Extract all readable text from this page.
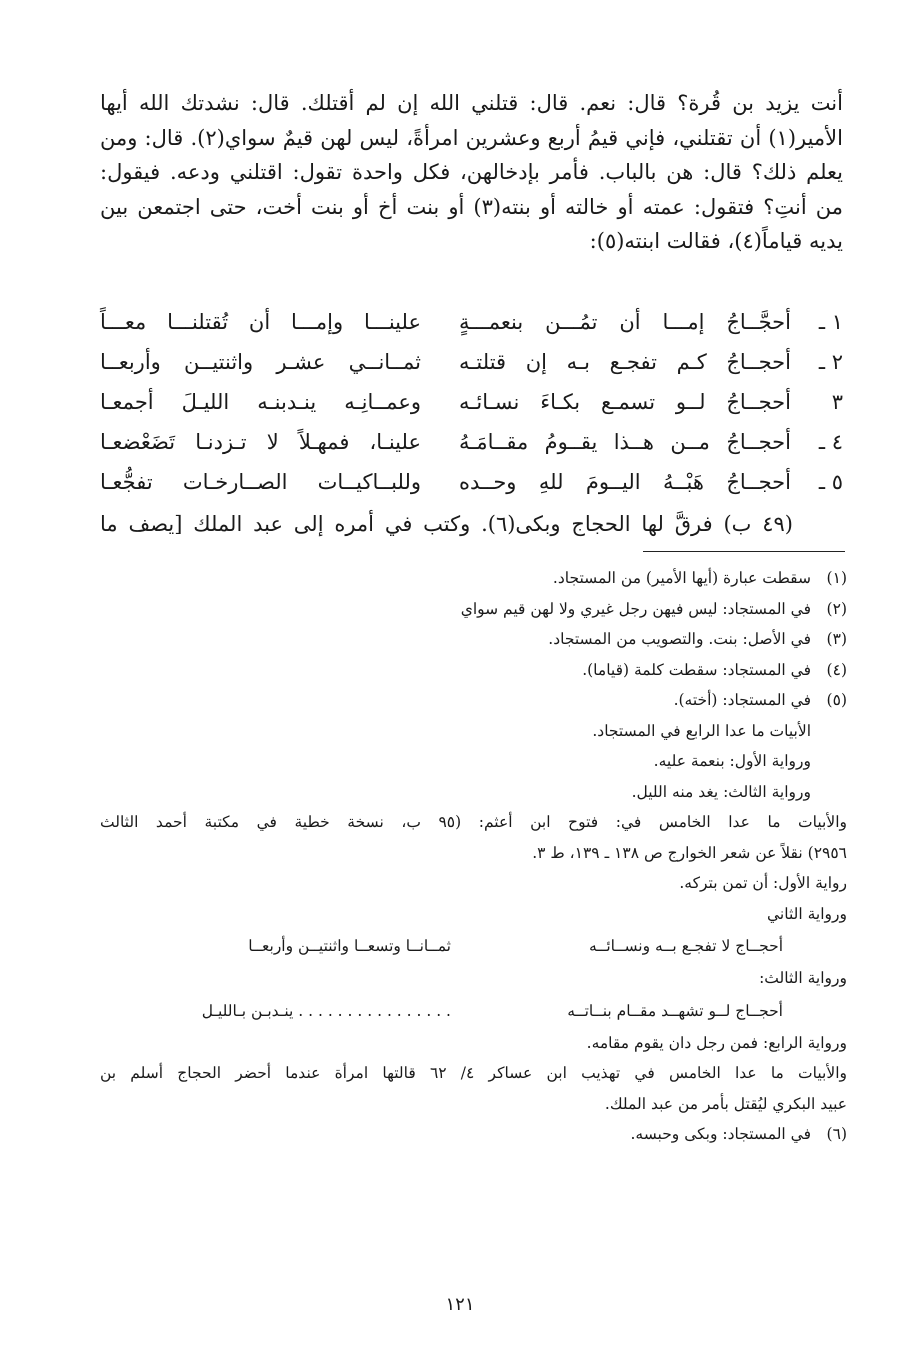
أنت يزيد بن قُرة؟ قال: نعم. قال: قتلني الله إن لم أقتلك. قال: نشدتك الله أيها

الأمير(١) أن تقتلني، فإني قيمُ أربع وعشرين امرأةً، ليس لهن قيمٌ سواي(٢). قال: ومن

يعلم ذلك؟ قال: هن بالباب. فأمر بإدخالهن، فكل واحدة تقول: اقتلني ودعه. فيقول:

من أنتِ؟ فتقول: عمته أو خالته أو بنته(٣) أو بنت أخ أو بنت أخت، حتى اجتمعن بين

يديه قياماً(٤)، فقالت ابنته(٥):

١ ـ
أحجَّــاجُ إمـــا أن تمُـــن بنعمـــةٍ
علينـــا وإمـــا أن تُقتلنـــا معـــاً
٢ ـ
أحجــاجُ كـم تفجـع بـه إن قتلتـه
ثمــانــي عشـر واثنتيــن وأربعــا
٣
أحجــاجُ لــو تسمـع بكـاءَ نسـائـه
وعمــانِـه ينـدبنـه الليـلَ أجمعـا
٤ ـ
أحجــاجُ مــن هــذا يقــومُ مقــامَـهُ
علينـا، فمهـلاً لا تـزدنـا تَضَعْضعـا
٥ ـ
أحجــاجُ هَبْــهُ اليــومَ للهِ وحــده
وللبــاكيــات الصــارخـات تفجُّعـا
(٤٩ ب) فرقَّ لها الحجاج وبكى(٦). وكتب في أمره إلى عبد الملك [يصف ما
(١)
سقطت عبارة (أيها الأمير) من المستجاد.
(٢)
في المستجاد: ليس فيهن رجل غيري ولا لهن قيم سواي
(٣)
في الأصل: بنت. والتصويب من المستجاد.
(٤)
في المستجاد: سقطت كلمة (قياما).
(٥)
في المستجاد: (أخته).
الأبيات ما عدا الرابع في المستجاد.
ورواية الأول: بنعمة عليه.
ورواية الثالث: يغد منه الليل.
والأبيات ما عدا الخامس في: فتوح ابن أعثم: (٩٥ ب، نسخة خطية في مكتبة أحمد الثالث
٢٩٥٦) نقلاً عن شعر الخوارج ص ١٣٨ ـ ١٣٩، ط ٣.
رواية الأول: أن تمن بتركه.
ورواية الثاني
أحجــاج لا تفجـع بــه ونســائــه
ثمــانــا وتسعــا واثنتيــن وأربعــا
ورواية الثالث:
أحجــاج لــو تشهــد مقــام بنــاتــه
. . . . . . . . . . . . . . . . ينـدبـن بـالليـل
ورواية الرابع: فمن رجل دان يقوم مقامه.
والأبيات ما عدا الخامس في تهذيب ابن عساكر ٤/ ٦٢ قالتها امرأة عندما أحضر الحجاج أسلم بن
عبيد البكري ليُقتل بأمر من عبد الملك.
(٦)
في المستجاد: وبكى وحبسه.
١٢١
